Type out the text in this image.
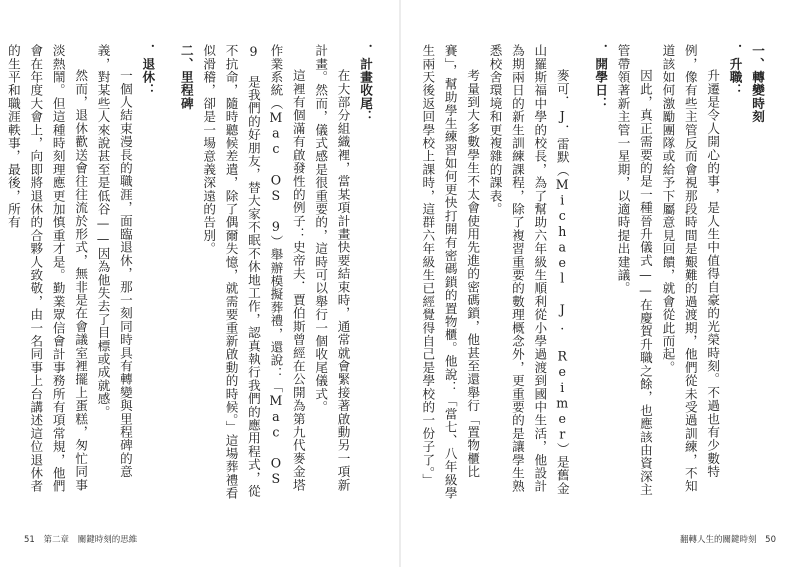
．計畫收尾：

在大部分組織裡，當某項計畫快要結束時，通常就會緊接著啟動另一項新計畫。然而，儀式感是很重要的，這時可以舉行一個收尾儀式。

這裡有個滿有啟發性的例子：史帝夫．賈伯斯曾經在公開為第九代麥金塔作業系統（Mac OS 9）舉辦模擬葬禮，還說：「Mac OS 9 是我們的好朋友，替大家不眠不休地工作，認真執行我們的應用程式，從不抗命，隨時聽候差遣，除了偶爾失憶，就需要重新啟動的時候。」這場葬禮看似滑稽，卻是一場意義深遠的告別。

二、里程碑

．退休：

一個人結束漫長的職涯，面臨退休，那一刻同時具有轉變與里程碑的意義，對某些人來說甚至是低谷——因為他失去了目標或成就感。

然而，退休歡送會往往流於形式，無非是在會議室裡擺上蛋糕，匆忙同事淡熱鬧。但這種時刻理應更加慎重才是。勤業眾信會計事務所有項常規，他們會在年度大會上，向即將退休的合夥人致敬，由一名同事上台講述這位退休者的生平和職涯軼事，最後，所有

51 第二章 關鍵時刻的思維

一、轉變時刻

．升職：

升遷是令人開心的事，是人生中值得自豪的光榮時刻。不過也有少數特例，像有些主管反而會視那段時間是艱難的過渡期，他們從未受過訓練，不知道該如何激勵團隊或給予下屬意見回饋，就會從此而起。

因此，真正需要的是一種晉升儀式——在慶賀升職之餘，也應該由資深主管帶領著新主管一星期，以適時提出建議。

．開學日：

麥可．J．雷默（Michael J. Reimer）是舊金山羅斯福中學的校長，為了幫助六年級生順利從小學過渡到國中生活，他設計為期兩日的新生訓練課程，除了複習重要的數理概念外，更重要的是讓學生熟悉校舍環境和更複雜的課表。

考量到大多數學生不太會使用先進的密碼鎖，他甚至還舉行「置物櫃比賽」，幫助學生練習如何更快打開有密碼鎖的置物櫃。他說：「當七、八年級學生兩天後返回學校上課時，這群六年級生已經覺得自己是學校的一份子了。」

翻轉人生的關鍵時刻 50
